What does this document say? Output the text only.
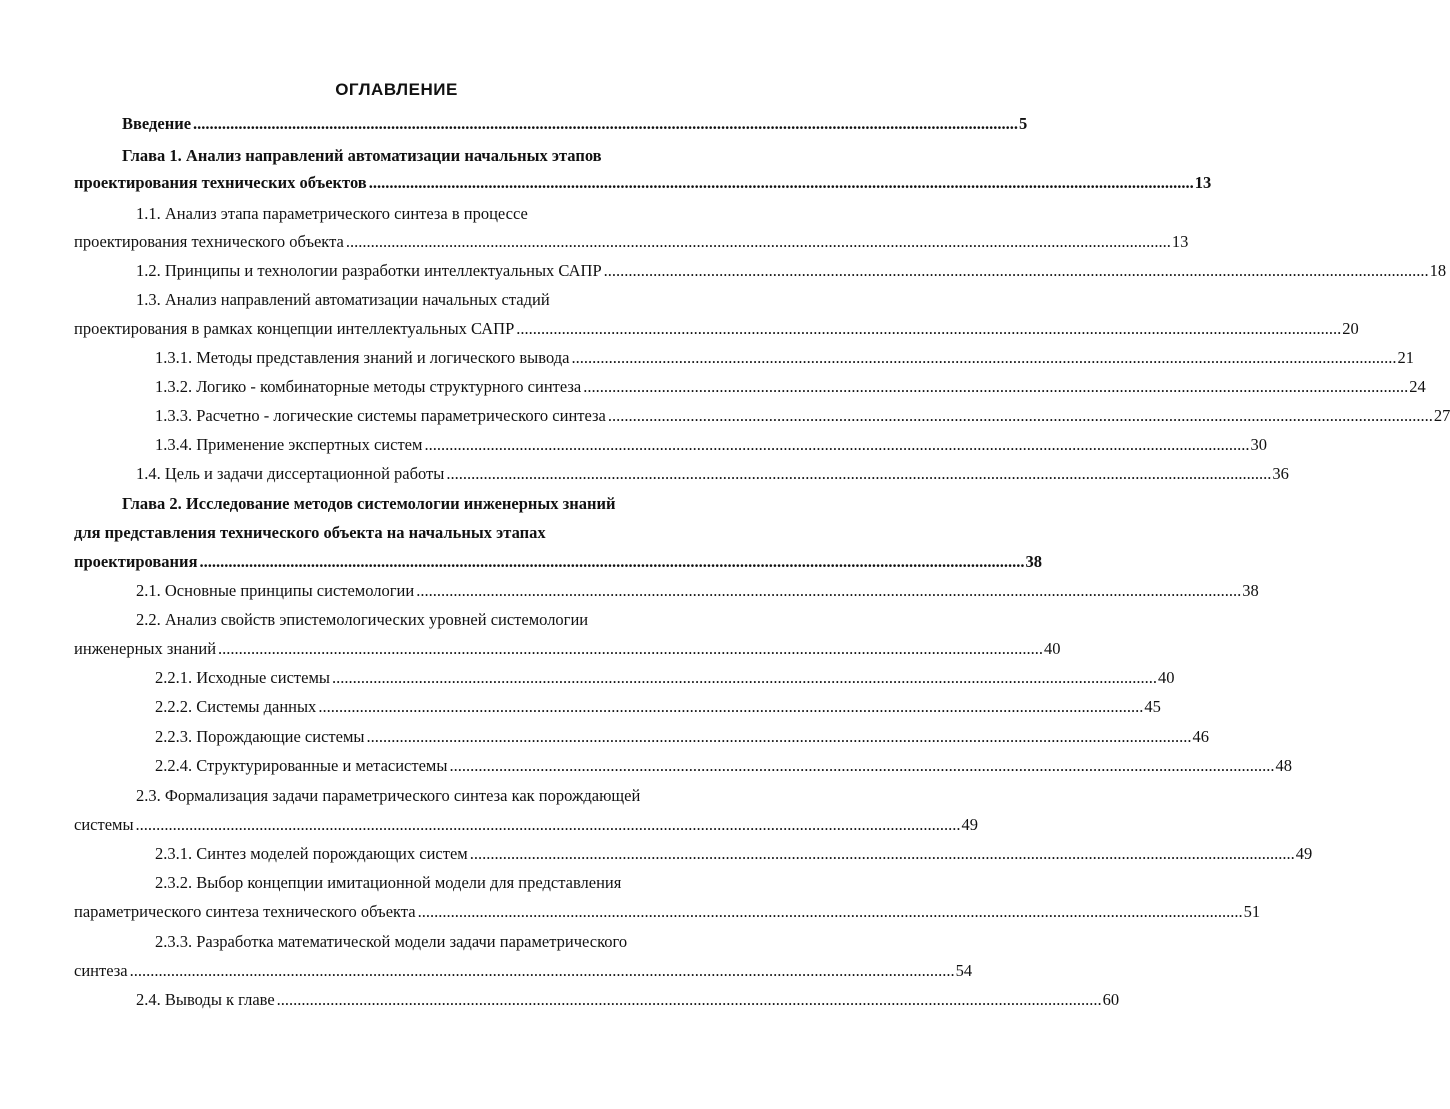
ОГЛАВЛЕНИЕ
Введение ........................................................................................................................................................................................................ 5
Глава 1. Анализ направлений автоматизации начальных этапов
проектирования технических объектов ........................................................................................................................................................................................................ 13
1.1. Анализ этапа параметрического синтеза в процессе
проектирования технического объекта ........................................................................................................................................................................................................ 13
1.2. Принципы и технологии разработки интеллектуальных САПР ........................................................................................................................................................................................................ 18
1.3. Анализ направлений автоматизации начальных стадий
проектирования в рамках концепции интеллектуальных САПР ........................................................................................................................................................................................................ 20
1.3.1. Методы представления знаний и логического вывода ........................................................................................................................................................................................................ 21
1.3.2. Логико - комбинаторные методы структурного синтеза ........................................................................................................................................................................................................ 24
1.3.3. Расчетно - логические системы параметрического синтеза ........................................................................................................................................................................................................ 27
1.3.4. Применение экспертных систем ........................................................................................................................................................................................................ 30
1.4. Цель и задачи диссертационной работы ........................................................................................................................................................................................................ 36
Глава 2. Исследование методов системологии инженерных знаний
для представления технического объекта на начальных этапах
проектирования ........................................................................................................................................................................................................ 38
2.1. Основные принципы системологии ........................................................................................................................................................................................................ 38
2.2. Анализ свойств эпистемологических уровней системологии
инженерных знаний ........................................................................................................................................................................................................ 40
2.2.1. Исходные системы ........................................................................................................................................................................................................ 40
2.2.2. Системы данных ........................................................................................................................................................................................................ 45
2.2.3. Порождающие системы ........................................................................................................................................................................................................ 46
2.2.4. Структурированные и метасистемы ........................................................................................................................................................................................................ 48
2.3. Формализация задачи параметрического синтеза как порождающей
системы ........................................................................................................................................................................................................ 49
2.3.1. Синтез моделей порождающих систем ........................................................................................................................................................................................................ 49
2.3.2. Выбор концепции имитационной модели для представления
параметрического синтеза технического объекта ........................................................................................................................................................................................................ 51
2.3.3. Разработка математической модели задачи параметрического
синтеза ........................................................................................................................................................................................................ 54
2.4. Выводы к главе ........................................................................................................................................................................................................ 60
